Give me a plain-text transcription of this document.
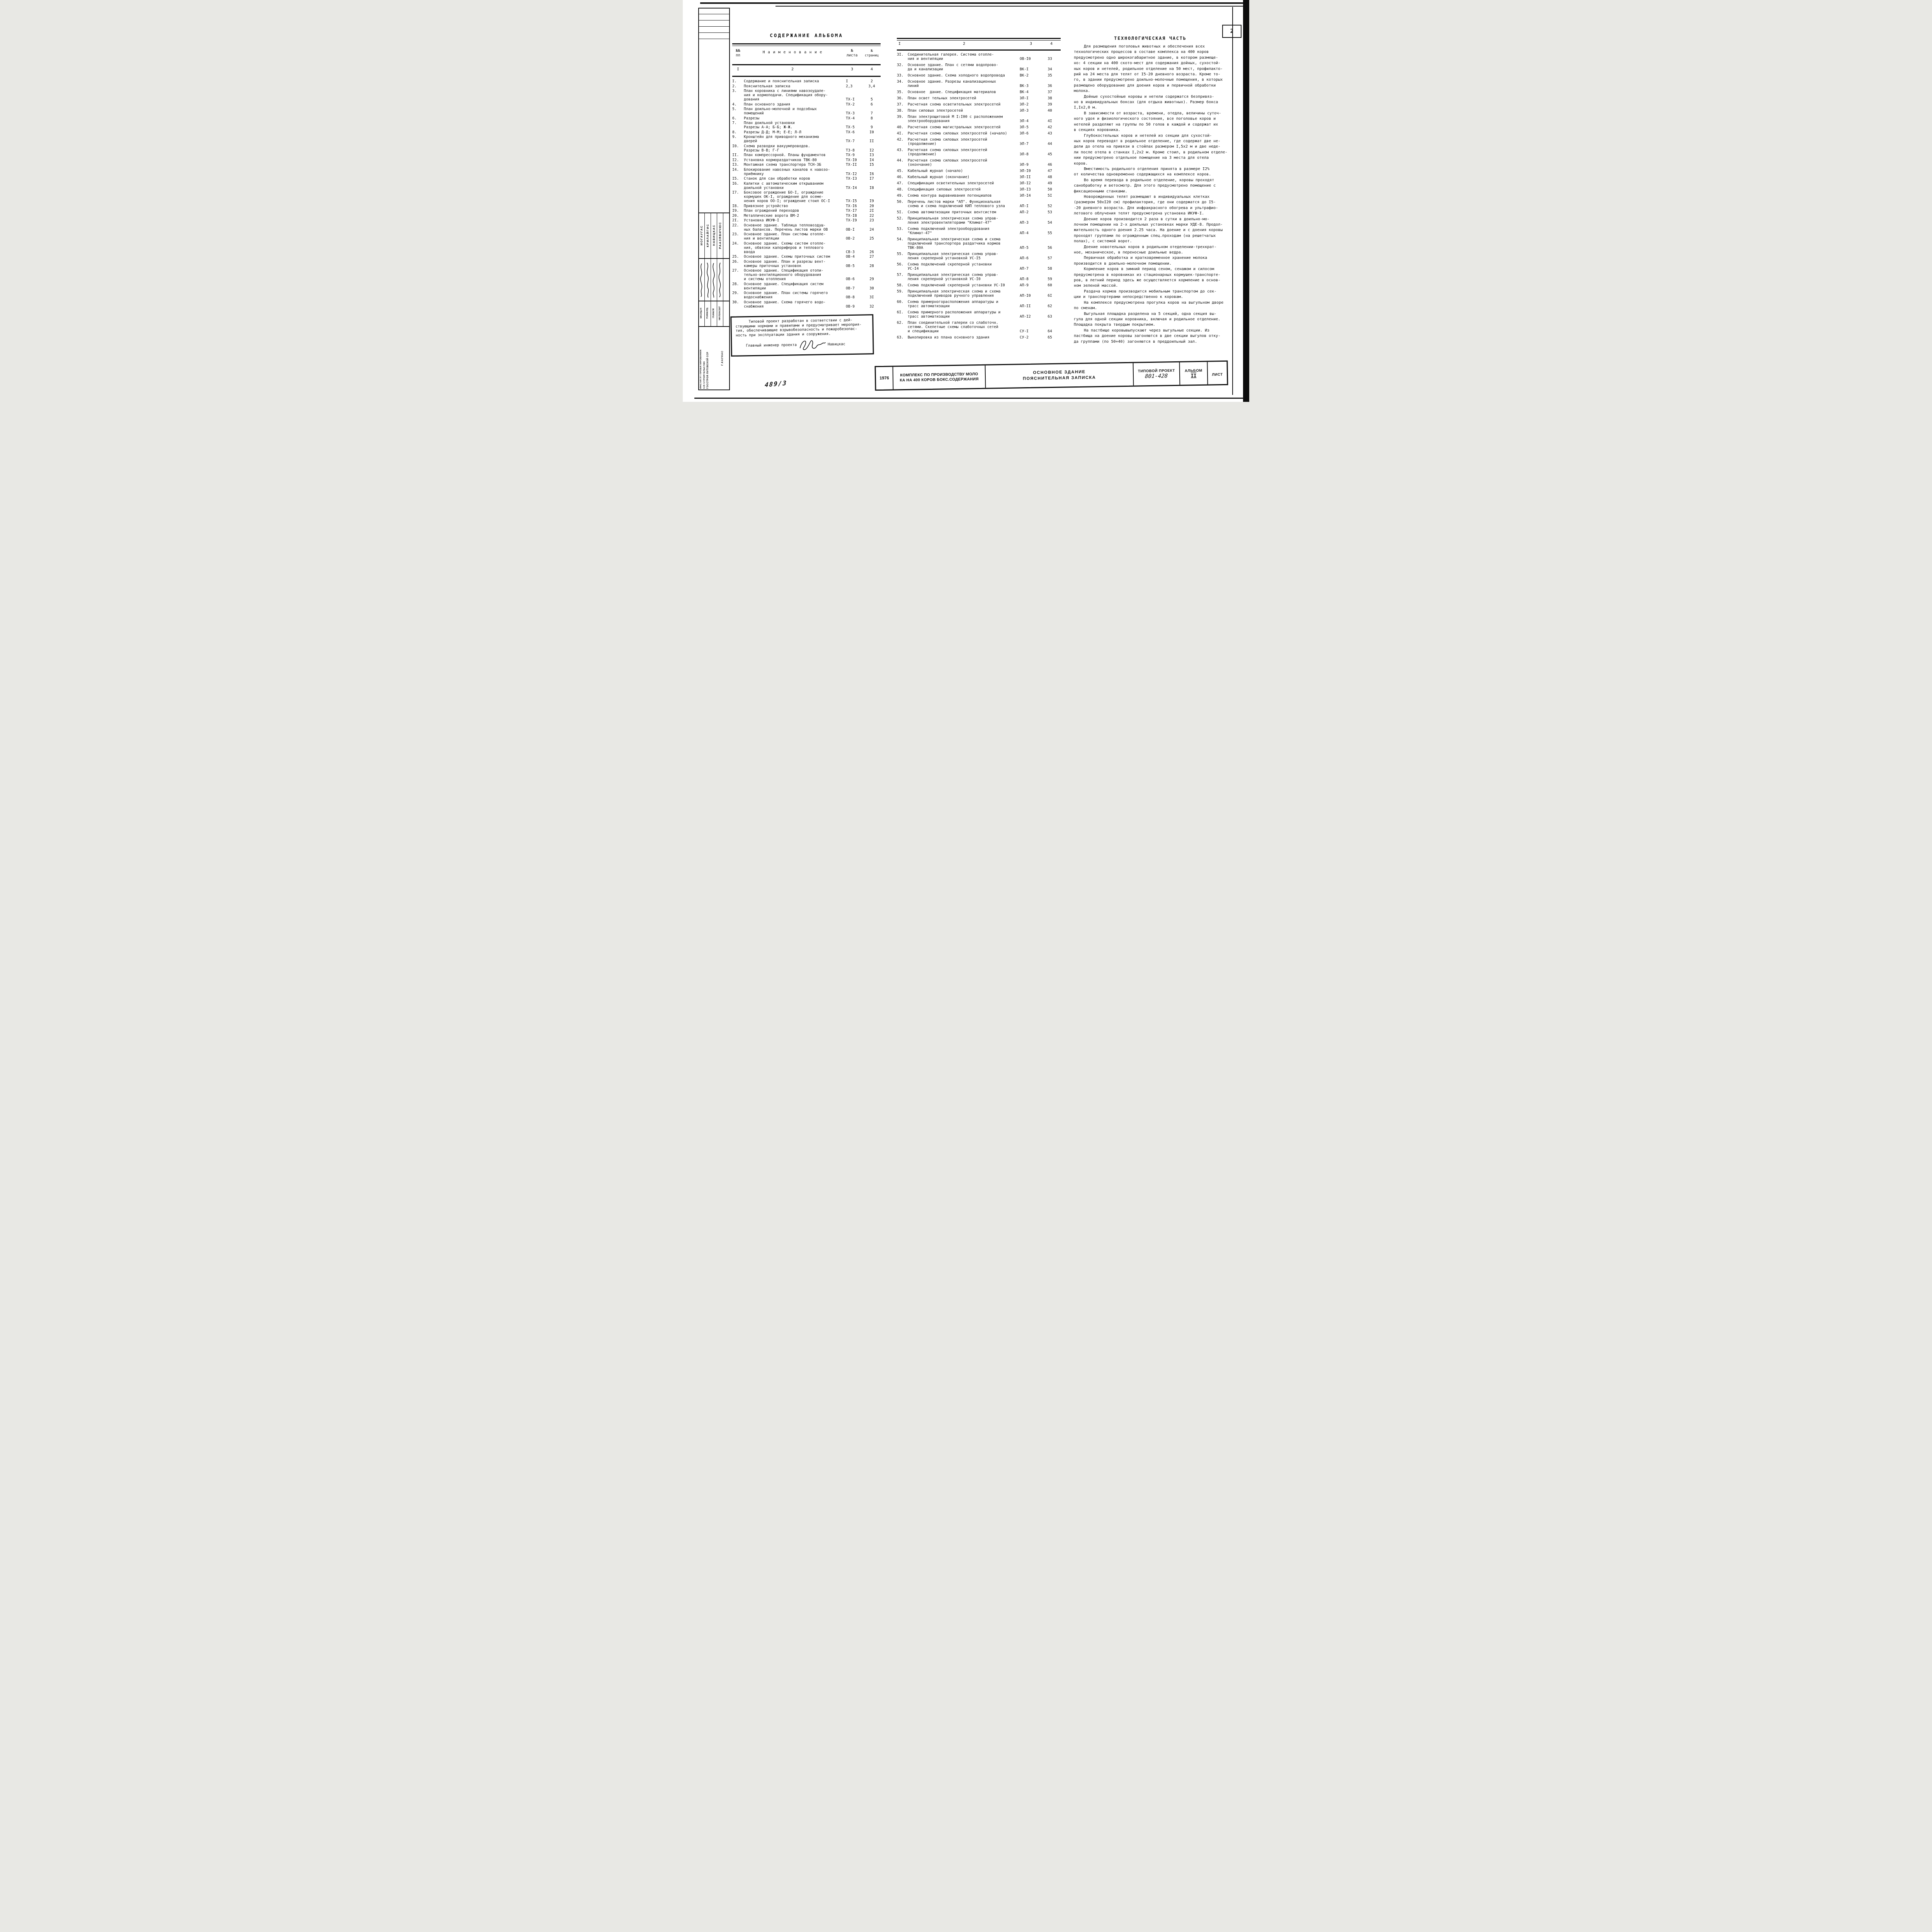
2
ИОГАУГАС КРИЛАЙГИС НАВИЦКАС РААЗЯВИЧЮС
НАЧ.ОТД.Г.П ГЛ.ИНЖ.ОТД. ГЛ.ИНЖ.ПР. НАЧ.ТЕХН.СЕКТ
ИНСТИТУТ ПРОЕКТИРОВАНИЯ С/Х СТРОИТЕЛЬСТВА ГОССТРОЯ ЛИТОВСКОЙ ССР	Г.КАУНАС
489/3
СОДЕРЖАНИЕ АЛЬБОМА
№№
пп
Н а и м е н о в а н и е	№
листа
№
страниц
I	2	3	4
I.	Содержание и пояснительная записка	I	2
2.	Пояснительная записка	2,3	3,4
3.	План коровника с линиями навозоудале-
ния и кормоподачи. Спецификация обору-
дования	ТХ-I	5
4.	План основного здания	ТХ-2	6
5.	План доильно-молочной и подсобных
помещений	ТХ-3	7
6.	Разрезы	ТХ-4	8
7.	План доильной установки
Разрезы А-А; Б-Б; Ж-Ж.	ТХ-5	9
8.	Разрезы Д-Д; М-М; Е-Е; Л-Л	ТХ-6	I0
9.	Кронштейн для приводного механизма
дверей	ТХ-7	II
I0.	Схема разводки вакуумпроводов.
Разрезы В-В; Г-Г	Т3-8	I2
II.	План компрессорной. Планы фундаментов	ТХ-9	I3
I2.	Установка кормораздатчиков ТВК-80	ТХ-I0	I4
I3.	Монтажная схема транспортера ТСН-3Б	ТХ-II	I5
I4.	Блокирование навозных каналов к навозо-
приёмнику	ТХ-I2	I6
I5.	Станок для сан обработки коров	ТХ-I3	I7
I6.	Калитки с автоматическим открыванием
доильной установки	ТХ-I4	I8
I7.	Боксовое ограждение БО-I, ограждение
кормушек ОК-I, ограждение для осеме-
нения коров ОО-I; ограждение стоил ОС-I	ТХ-I5	I9
I8.	Привязное устройство	ТХ-I6	20
I9.	План ограждений переходов	ТХ-I7	2I
20.	Металлические ворота ВМ-2	ТХ-I8	22
2I.	Установка ИКУФ-I	ТХ-I9	23
22.	Основное здание. Таблица тепловоздуш-
ных балансов. Перечень листов марки ОВ	ОВ-I	24
23.	Основное здание. План системы отопле-
ния и вентиляции	ОВ-2	25
24.	Основное здание. Схемы систем отопле-
ния, обвязки калориферов и теплового
ввода	СВ-3	26
25.	Основное здание. Схемы приточных систем	ОВ-4	27
26.	Основное здание. План и разрезы вент-
камеры приточных установок	ОВ-5	28
27.	Основное здание. Спецификация отопи-
тельно-вентиляционного оборудования
и системы отопления	ОВ-6	29
28.	Основное здание. Спецификация систем
вентиляции	ОВ-7	30
29.	Основное здание. План системы горячего
водоснабжения	ОВ-8	3I
30.	Основное здание. Схема горячего водо-
снабжения	ОВ-9	32
Типовой проект разработан в соответствии с дей-
ствующими нормами и правилами и предусматривает мероприя-
тия, обеспечивающие взрывобезопасность и пожаробезопас-
ность при эксплуатации здания и сооружения.
Главный инженер проекта	Навицкас
I	2	3	4
3I.	Соединительная галерея. Система отопле-
ния и вентиляции	ОВ-I0	33
32.	Основное здание. План с сетями водопрово-
да и канализации	ВК-I	34
33.	Основное здание. Схема холодного водопровода	ВК-2	35
34.	Основное здание. Разрезы канализационных
линий	ВК-3	36
35.	Основное  дание. Спецификация материалов	ВК-4	37
36.	План освет тельных электросетей	ЭЛ-I	38
37.	Расчетная схема осветительных электросетей	ЭЛ-2	39
38.	План силовых электросетей	ЭЛ-3	40
39.	План электрощитовой М I:I00 с расположением
электрооборудования	ЭЛ-4	4I
40.	Расчетная схема магистральных электросетей	ЭЛ-5	42
4I.	Расчетная схема силовых электросетей (начало)	ЭЛ-6	43
42.	Расчетная схема силовых электросетей
(продолжение)	ЭЛ-7	44
43.	Расчетная схема силовых электросетей
(продолжение)	ЭЛ-8	45
44.	Расчетная схема силовых электросетей
(окончание)	ЭЛ-9	46
45.	Кабельный журнал (начало)	ЭЛ-I0	47
46.	Кабельный журнал (окончание)	ЭЛ-II	48
47.	Спецификация осветительных электросетей	ЭЛ-I2	49
48.	Спецификация силовых электросетей	ЭЛ-I3	50
49.	Схема контура выравнивания потенциалов	ЭЛ-I4	5I
50.	Перечень листов марки "АП". Функциональная
схема и схема подключений КИП теплового узла	АП-I	52
5I.	Схема автоматизации приточных вентсистем	АП-2	53
52.	Принципиальная электрическая схема управ-
ления электровентиляторами "Климат-47"	АП-3	54
53.	Схема подключений электрооборудования
"Климат-47"	АП-4	55
54.	Принципиальная электрическая схема и схема
подключений транспортера раздатчика кормов
ТВК-80А	АП-5	56
55.	Принципиальная электрическая схема управ-
ления скреперной установкой УС-I5	АП-6	57
56.	Схема подключений скреперной установки
УС-I4	АП-7	58
57.	Принципиальная электрическая схема управ-
ления скреперной установкой УС-I0	АП-8	59
58.	Схема подключений скреперной установки УС-I0	АП-9	60
59.	Принципиальная электрическая схема и схема
подключений приводов ручного управления	АП-I0	6I
60.	Схема примерногорасположения аппаратуры и
трасс автоматизации	АП-II	62
6I.	Схема примерного расположения аппаратуры и
трасс автоматизации	АП-I2	63
62.	План соединительной галереи со слаботочн.
сетями. Скелетные схемы слаботочных сетей
и спецификации	СУ-I	64
63.	Выкопировка из плана основного здания	СУ-2	65
ТЕХНОЛОГИЧЕСКАЯ ЧАСТЬ

Для размещения поголовья животных и обеспечения всех
технологических процессов в составе комплекса на 400 коров
предусмотрено одно широкогабаритное здание, в котором размеще-
но: 4 секции на 400 ското-мест для содержания дойных, сухостой-
ных коров и нетелей, родильное отделение на 50 мест, профилакто-
рий на 24 места для телят от I5-20 дневного возраста. Кроме то-
го, в здании предусмотрено доильно-молочные помещения, в которых
размещено оборудование для доения коров и первичной обработки
молока.

Дойные сухостойные коровы и нетели содержатся безпривяз-
но в индивидуальных боксах (для отдыха животных). Размер бокса
I,Ix2,0 м.

В зависимости от возраста, времени, отедла, величины суточ-
ного удоя и физиологического состояния, все поголовье коров и
нетелей разделяют на группы по 50 голов в каждой и содержат их
в секциях коровника.

Глубокостельных коров и нетелей из секции для сухостой-
ных коров переводят в родильное отделение, где содержат две не-
дели до отела на привязи в стойлах размером I,5x2 м и две неде-
ли после отела в станках I,2x2 м. Кроме стоил, в родильном отделе-
нии предусмотрено отдельное помещение на 3 места для отела
коров.

Вместимость родильного отделения принята в размере I2%
от количества одновременно содержащихся на комплексе коров.

Во время перевода в родильное отделение, коровы проходят
санобработку и ветосмотр. Для этого предусмотрено помещение с
фиксационными станками.

Новорожденных телят размещают в индивидуальных клетках
(размером 50хI20 см) профилактория, где они содержатся до I5-
-20 дневного возраста. Для инфракрасного обогрева и ультрафио-
летового облучения телят предусмотрена установка ИКУФ-I.

Доение коров производится 2 раза в сутки в доильно-мо-
лочном помещении на 2-х доильных установках марки УДЕ-8. Продол-
жительность одного доения 2.25 часа. На доение и с доения коровы
проходят группами по огражденным спец.проходам (на решетчатых
полах), с системой ворот.

Доение новотельных коров в родильном отеделении-трехкрат-
ное, механическое, в переносные доильные ведра.

Первичная обработка и кратковременное хранение молока
производится в доильно-молочном помещении.

Кормление коров в зимний период сеном, сенажом и силосом
предусмотрена в коровниках из стационарных кормушек-транспорте-
ров, в летний период здесь же осуществляется кормление в основ-
ном зеленой массой.

Раздача кормов производится мобильным транспортом до сек-
ции и транспортерами непосредственно к коровам.

На комплексе предусмотрена прогулка коров на выгульном дворе
по сменам.

Выгульная площадка разделена на 5 секций, одна секция вы-
гула для одной секции коровника, включая и родильное отделение.
Площадка покрыта твердым покрытием.

На пастбище коровывыпускают через выгульные секции. Из
пастбища на доение коровы загоняются в две секции выгулов отку-
да группами (по 50+40) загоняются в преддоильный зал.

1976
КОМПЛЕКС ПО ПРОИЗВОДСТВУ МОЛО
КА НА 400 КОРОВ БОКС.СОДЕРЖАНИЯ
ОСНОВНОЕ ЗДАНИЕ
ПОЯСНИТЕЛЬНАЯ ЗАПИСКА
ТИПОВОЙ ПРОЕКТ
801-428
АЛЬБОМ
II	ЛИСТ
